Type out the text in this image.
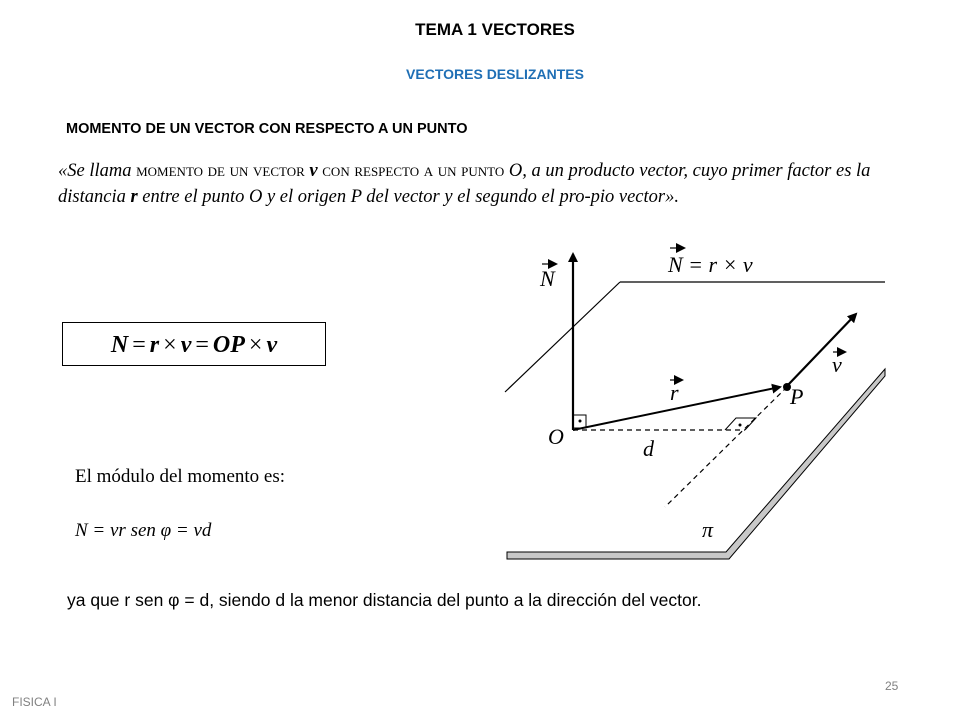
TEMA 1 VECTORES
VECTORES DESLIZANTES
MOMENTO DE UN VECTOR CON RESPECTO A UN PUNTO
«Se llama momento de un vector v con respecto a un punto O, a un producto vector, cuyo primer factor es la distancia r entre el punto O y el origen P del vector y el segundo el pro-pio vector».
N = r × v = OP × v
El módulo del momento es:
N = vr sen φ = vd
ya que r sen φ = d, siendo d la menor distancia del punto a la dirección del vector.
N
N = r × v
v
r	P
O	d
π
25
FISICA I
